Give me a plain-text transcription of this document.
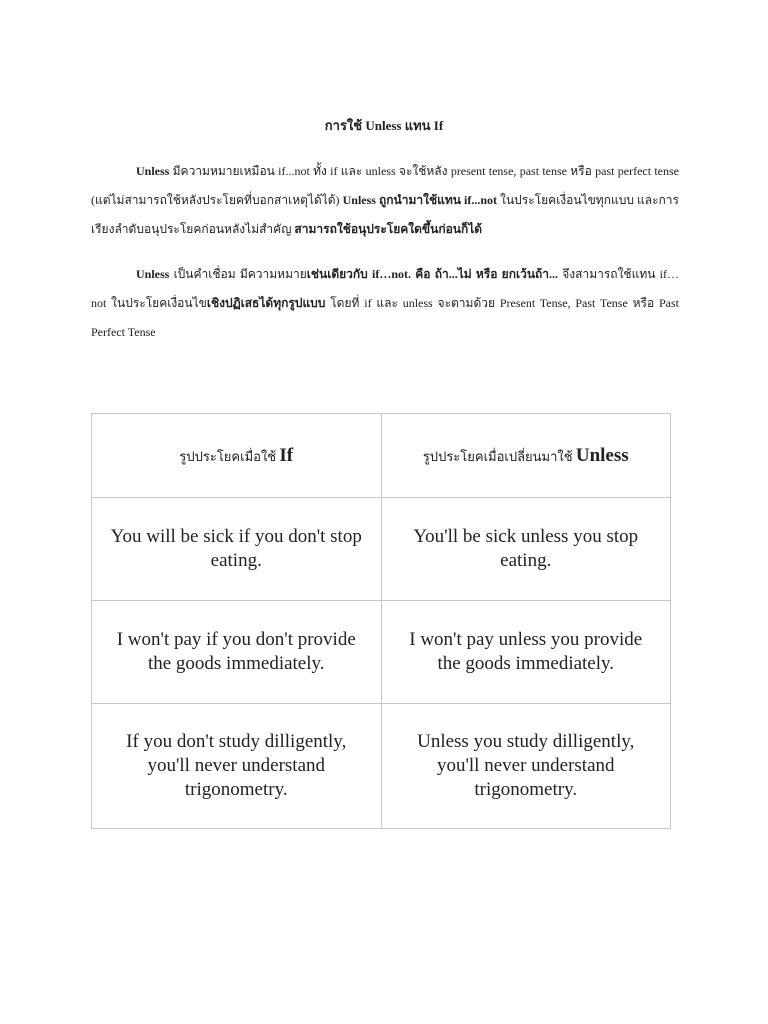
การใช้ Unless แทน If

Unless มีความหมายเหมือน if...not ทั้ง if และ unless จะใช้หลัง present tense, past tense หรือ past perfect tense (แต่ไม่สามารถใช้หลังประโยคที่บอกสาเหตุได้ได้) Unless ถูกนำมาใช้แทน if...not ในประโยคเงื่อนไขทุกแบบ และการเรียงลำดับอนุประโยคก่อนหลังไม่สำคัญ สามารถใช้อนุประโยคใดขึ้นก่อนก็ได้

Unless เป็นคำเชื่อม มีความหมายเช่นเดียวกับ if…not. คือ ถ้า...ไม่ หรือ ยกเว้นถ้า... จึงสามารถใช้แทน if…not ในประโยคเงื่อนไขเชิงปฏิเสธได้ทุกรูปแบบ โดยที่ if และ unless จะตามด้วย Present Tense, Past Tense หรือ Past Perfect Tense

รูปประโยคเมื่อใช้ If	รูปประโยคเมื่อเปลี่ยนมาใช้ Unless
You will be sick if you don't stop eating.	You'll be sick unless you stop eating.
I won't pay if you don't provide the goods immediately.	I won't pay unless you provide the goods immediately.
If you don't study dilligently, you'll never understand trigonometry.	Unless you study dilligently, you'll never understand trigonometry.
